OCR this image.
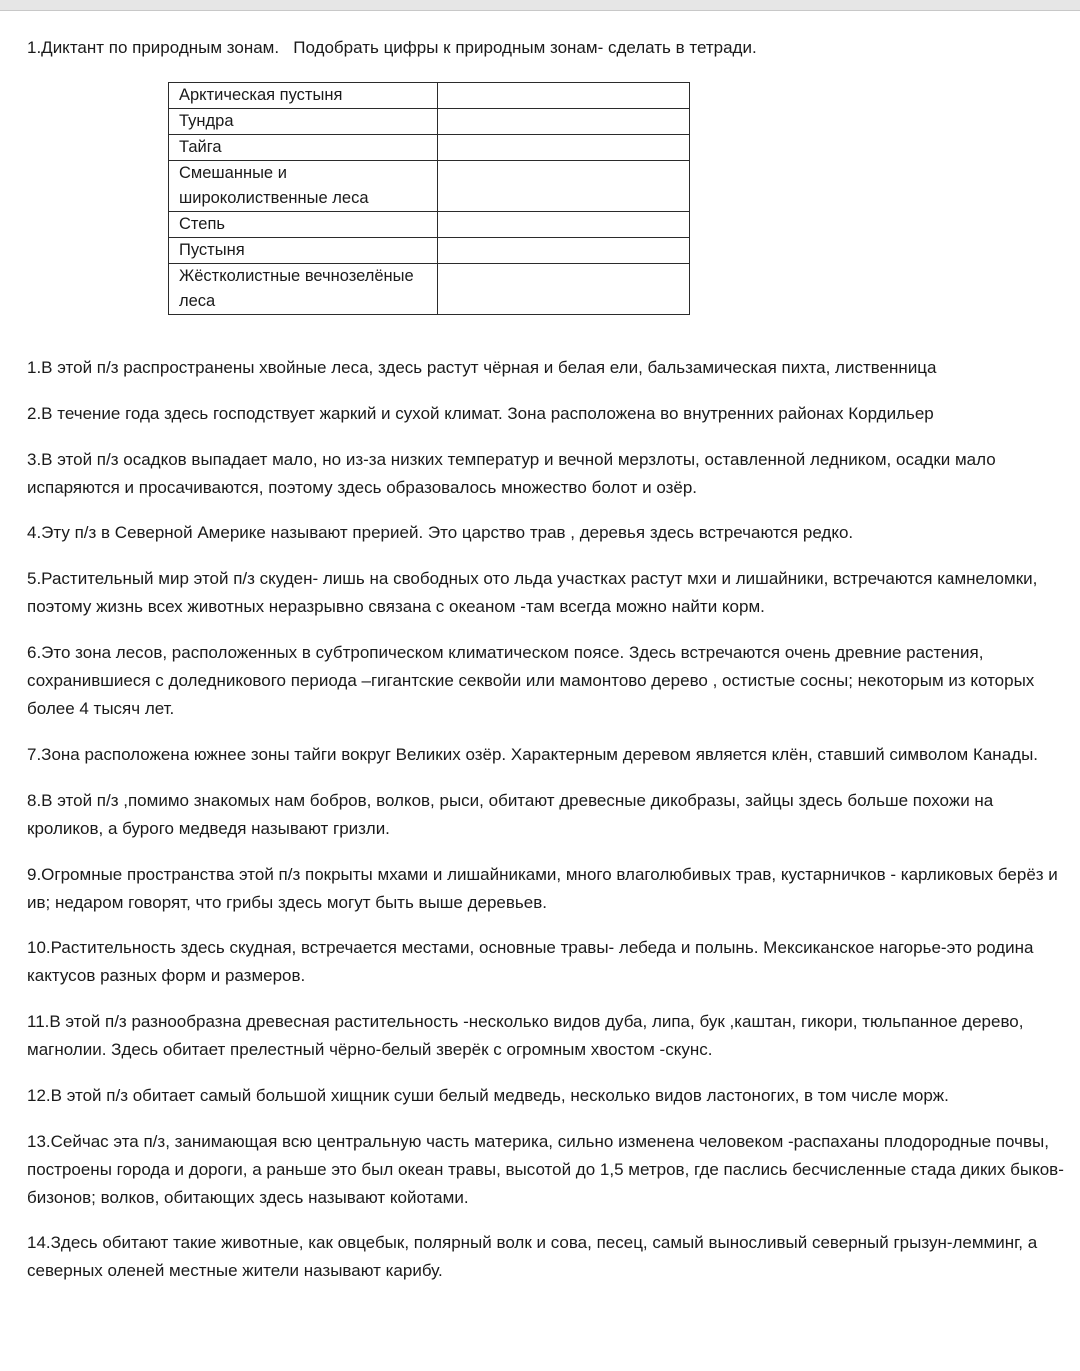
1.Диктант по природным зонам.   Подобрать цифры к природным зонам- сделать в тетради.
Арктическая пустыня	
Тундра	
Тайга	
Смешанные и широколиственные леса	
Степь	
Пустыня	
Жёстколистные вечнозелёные леса	

1.В этой п/з распространены хвойные леса, здесь растут чёрная и белая ели, бальзамическая пихта, лиственница

2.В течение года здесь господствует жаркий и сухой климат. Зона расположена во внутренних районах Кордильер

3.В этой п/з осадков выпадает мало, но из-за низких температур и вечной мерзлоты, оставленной ледником, осадки мало испаряются и просачиваются, поэтому здесь образовалось множество болот и озёр.

4.Эту п/з в Северной Америке называют прерией. Это царство трав , деревья здесь встречаются редко.

5.Растительный мир этой п/з скуден- лишь на свободных ото льда участках растут мхи и лишайники, встречаются камнеломки, поэтому жизнь всех животных неразрывно связана с океаном -там всегда можно найти корм.

6.Это зона лесов, расположенных в субтропическом климатическом поясе. Здесь встречаются очень древние растения, сохранившиеся с доледникового периода –гигантские секвойи или мамонтово дерево , остистые сосны; некоторым из которых более 4 тысяч лет.

7.Зона расположена южнее зоны тайги вокруг Великих озёр. Характерным деревом является клён, ставший символом Канады.

8.В этой п/з ,помимо знакомых нам бобров, волков, рыси, обитают древесные дикобразы, зайцы здесь больше похожи на кроликов, а бурого медведя называют гризли.

9.Огромные пространства этой п/з покрыты мхами и лишайниками, много влаголюбивых трав, кустарничков - карликовых берёз и ив; недаром говорят, что грибы здесь могут быть выше деревьев.

10.Растительность здесь скудная, встречается местами, основные травы- лебеда и полынь. Мексиканское нагорье-это родина кактусов разных форм и размеров.

11.В этой п/з разнообразна древесная растительность -несколько видов дуба, липа, бук ,каштан, гикори, тюльпанное дерево, магнолии. Здесь обитает прелестный чёрно-белый зверёк с огромным хвостом -скунс.

12.В этой п/з обитает самый большой хищник суши белый медведь, несколько видов ластоногих, в том числе морж.

13.Сейчас эта п/з, занимающая всю центральную часть материка, сильно изменена человеком -распаханы плодородные почвы, построены города и дороги, а раньше это был океан травы, высотой до 1,5 метров, где паслись бесчисленные стада диких быков-бизонов; волков, обитающих здесь называют койотами.

14.Здесь обитают такие животные, как овцебык, полярный волк и сова, песец, самый выносливый северный грызун-лемминг, а северных оленей местные жители называют карибу.
